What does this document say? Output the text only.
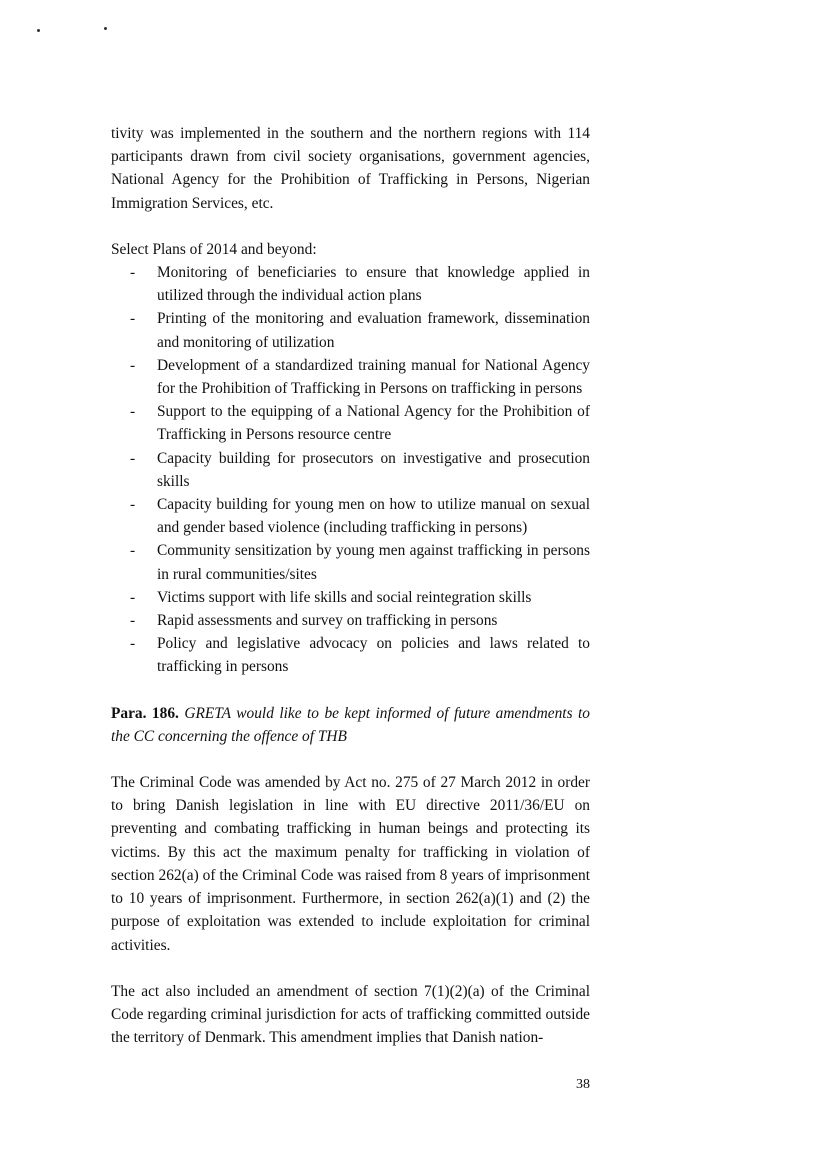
tivity was implemented in the southern and the northern regions with 114 participants drawn from civil society organisations, government agencies, National Agency for the Prohibition of Trafficking in Persons, Nigerian Immigration Services, etc.

Select Plans of 2014 and beyond:

- Monitoring of beneficiaries to ensure that knowledge applied in utilized through the individual action plans
- Printing of the monitoring and evaluation framework, dissemination and monitoring of utilization
- Development of a standardized training manual for National Agency for the Prohibition of Trafficking in Persons on trafficking in persons
- Support to the equipping of a National Agency for the Prohibition of Trafficking in Persons resource centre
- Capacity building for prosecutors on investigative and prosecution skills
- Capacity building for young men on how to utilize manual on sexual and gender based violence (including trafficking in persons)
- Community sensitization by young men against trafficking in persons in rural communities/sites
- Victims support with life skills and social reintegration skills
- Rapid assessments and survey on trafficking in persons
- Policy and legislative advocacy on policies and laws related to trafficking in persons

Para. 186. GRETA would like to be kept informed of future amendments to the CC concerning the offence of THB

The Criminal Code was amended by Act no. 275 of 27 March 2012 in order to bring Danish legislation in line with EU directive 2011/36/EU on preventing and combating trafficking in human beings and protecting its victims. By this act the maximum penalty for trafficking in violation of section 262(a) of the Criminal Code was raised from 8 years of imprisonment to 10 years of imprisonment. Furthermore, in section 262(a)(1) and (2) the purpose of exploitation was extended to include exploitation for criminal activities.

The act also included an amendment of section 7(1)(2)(a) of the Criminal Code regarding criminal jurisdiction for acts of trafficking committed outside the territory of Denmark. This amendment implies that Danish nation-

38
